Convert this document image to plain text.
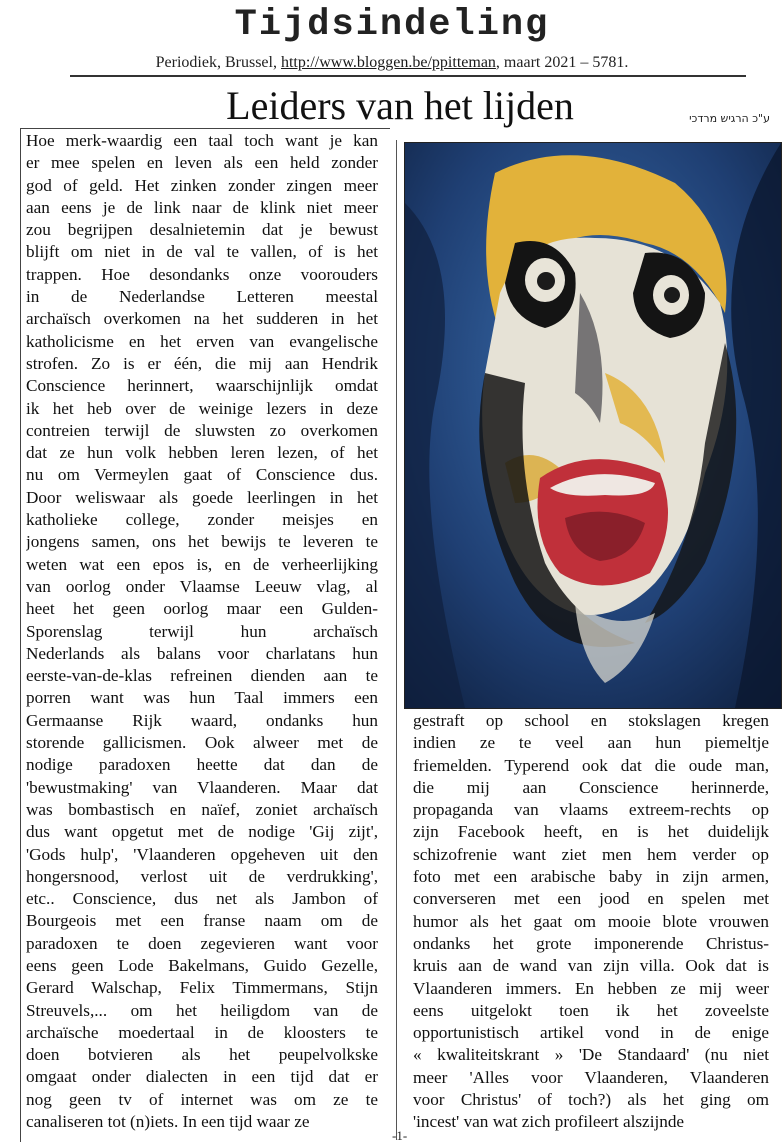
Tijdsindeling
Periodiek, Brussel, http://www.bloggen.be/ppitteman, maart 2021 – 5781.
Leiders van het lijden	ע"כ הרגיש מרדכי

Hoe merk-waardig een taal toch want je kan
er mee spelen en leven als een held zonder
god of geld. Het zinken zonder zingen meer
aan eens je de link naar de klink niet meer
zou begrijpen desalnietemin dat je bewust
blijft om niet in de val te vallen, of is het
trappen. Hoe desondanks onze voorouders
in de Nederlandse Letteren meestal
archaïsch overkomen na het sudderen in het
katholicisme en het erven van evangelische
strofen. Zo is er één, die mij aan Hendrik
Conscience herinnert, waarschijnlijk omdat
ik het heb over de weinige lezers in deze
contreien terwijl de sluwsten zo overkomen
dat ze hun volk hebben leren lezen, of het
nu om Vermeylen gaat of Conscience dus.
Door weliswaar als goede leerlingen in het
katholieke college, zonder meisjes en
jongens samen, ons het bewijs te leveren te
weten wat een epos is, en de verheerlijking
van oorlog onder Vlaamse Leeuw vlag, al
heet het geen oorlog maar een Gulden-
Sporenslag terwijl hun archaïsch
Nederlands als balans voor charlatans hun
eerste-van-de-klas refreinen dienden aan te
porren want was hun Taal immers een
Germaanse Rijk waard, ondanks hun
storende gallicismen. Ook alweer met de
nodige paradoxen heette dat dan de
'bewustmaking' van Vlaanderen. Maar dat
was bombastisch en naïef, zoniet archaïsch
dus want opgetut met de nodige 'Gij zijt',
'Gods hulp', 'Vlaanderen opgeheven uit den
hongersnood, verlost uit de verdrukking',
etc.. Conscience, dus net als Jambon of
Bourgeois met een franse naam om de
paradoxen te doen zegevieren want voor
eens geen Lode Bakelmans, Guido Gezelle,
Gerard Walschap, Felix Timmermans, Stijn
Streuvels,... om het heiligdom van de
archaïsche moedertaal in de kloosters te
doen botvieren als het peupelvolkske
omgaat onder dialecten in een tijd dat er
nog geen tv of internet was om ze te
canaliseren tot (n)iets. In een tijd waar ze

gestraft op school en stokslagen kregen
indien ze te veel aan hun piemeltje
friemelden. Typerend ook dat die oude man,
die mij aan Conscience herinnerde,
propaganda van vlaams extreem-rechts op
zijn Facebook heeft, en is het duidelijk
schizofrenie want ziet men hem verder op
foto met een arabische baby in zijn armen,
converseren met een jood en spelen met
humor als het gaat om mooie blote vrouwen
ondanks het grote imponerende Christus-
kruis aan de wand van zijn villa. Ook dat is
Vlaanderen immers. En hebben ze mij weer
eens uitgelokt toen ik het zoveelste
opportunistisch artikel vond in de enige
« kwaliteitskrant » 'De Standaard' (nu niet
meer 'Alles voor Vlaanderen, Vlaanderen
voor Christus' of toch?) als het ging om
'incest' van wat zich profileert alszijnde

-1-
